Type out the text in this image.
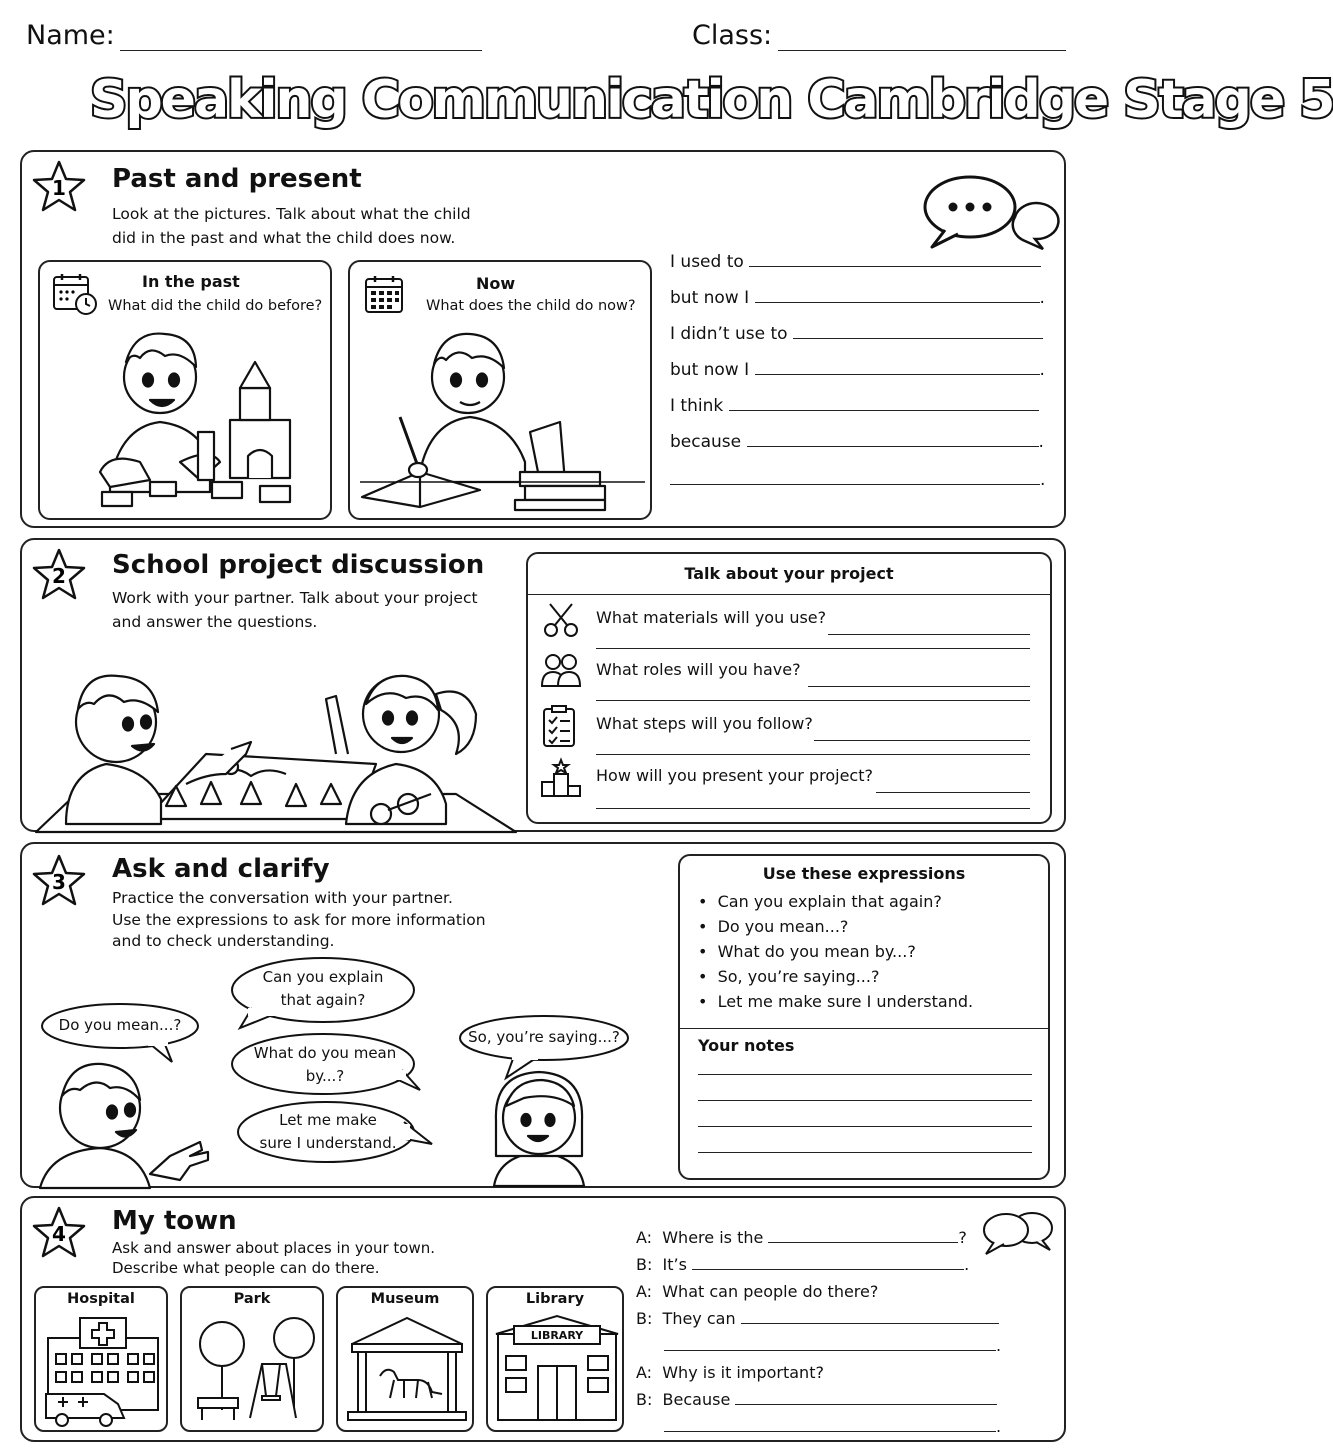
Name:	Class:
Speaking Communication Cambridge Stage 5
1 Past and present
Look at the pictures. Talk about what the child
did in the past and what the child does now.
In the past
What did the child do before?
Now
What does the child do now?
I used to
but now I	.
I didn’t use to
but now I	.
I think
because	.
.
2 School project discussion
Work with your partner. Talk about your project
and answer the questions.
Talk about your project
What materials will you use?
What roles will you have?
What steps will you follow?
How will you present your project?
3 Ask and clarify
Practice the conversation with your partner.
Use the expressions to ask for more information
and to check understanding.
Can you explain
that again?
Do you mean...?
What do you mean
by...?
Let me make
sure I understand.
So, you’re saying...?
Use these expressions
•  Can you explain that again?
•  Do you mean...?
•  What do you mean by...?
•  So, you’re saying...?
•  Let me make sure I understand.
Your notes
4 My town
Ask and answer about places in your town.
Describe what people can do there.
Hospital	Park	Museum	Library
LIBRARY
A: Where is the	?
B: It’s	.
A: What can people do there?
B: They can
.
A: Why is it important?
B: Because
.
